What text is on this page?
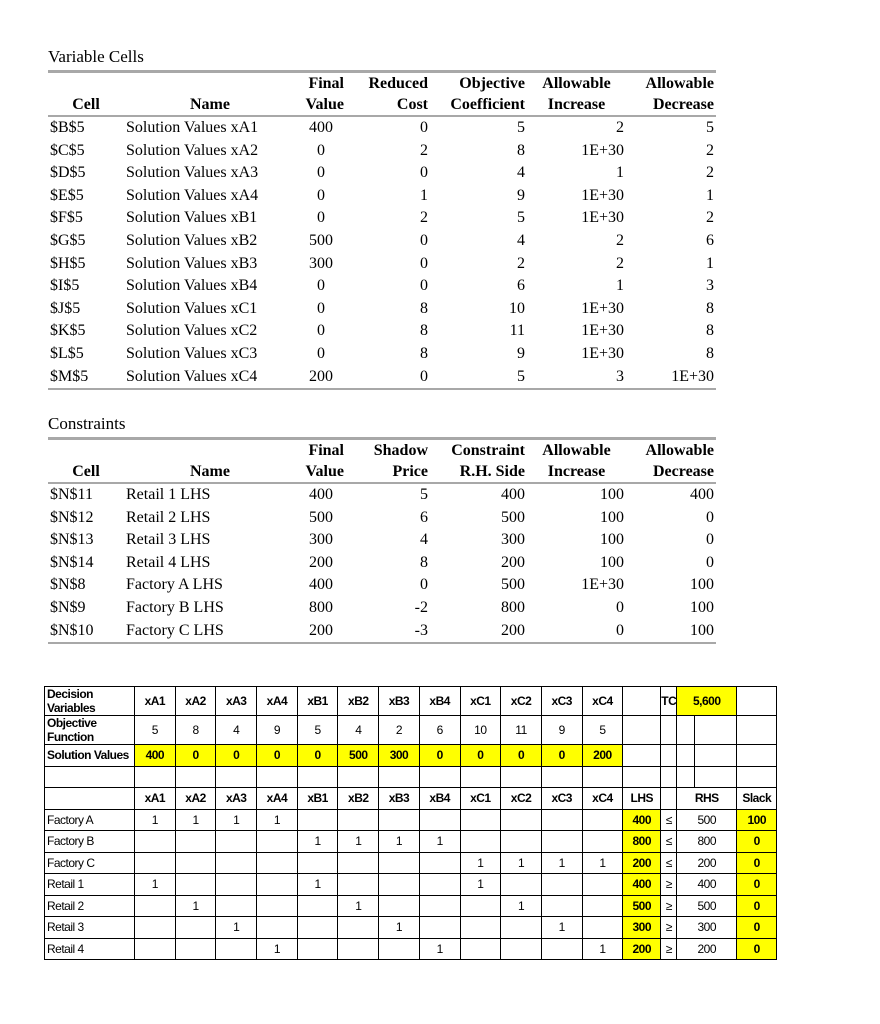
Variable Cells
		Final	Reduced	Objective	Allowable	Allowable
Cell	Name	Value	Cost	Coefficient	Increase	Decrease
$B$5	Solution Values xA1	400	0	5	2	5
$C$5	Solution Values xA2	0	2	8	1E+30	2
$D$5	Solution Values xA3	0	0	4	1	2
$E$5	Solution Values xA4	0	1	9	1E+30	1
$F$5	Solution Values xB1	0	2	5	1E+30	2
$G$5	Solution Values xB2	500	0	4	2	6
$H$5	Solution Values xB3	300	0	2	2	1
$I$5	Solution Values xB4	0	0	6	1	3
$J$5	Solution Values xC1	0	8	10	1E+30	8
$K$5	Solution Values xC2	0	8	11	1E+30	8
$L$5	Solution Values xC3	0	8	9	1E+30	8
$M$5	Solution Values xC4	200	0	5	3	1E+30
Constraints
		Final	Shadow	Constraint	Allowable	Allowable
Cell	Name	Value	Price	R.H. Side	Increase	Decrease
$N$11	Retail 1 LHS	400	5	400	100	400
$N$12	Retail 2 LHS	500	6	500	100	0
$N$13	Retail 3 LHS	300	4	300	100	0
$N$14	Retail 4 LHS	200	8	200	100	0
$N$8	Factory A LHS	400	0	500	1E+30	100
$N$9	Factory B LHS	800	-2	800	0	100
$N$10	Factory C LHS	200	-3	200	0	100
Decision Variables	xA1	xA2	xA3	xA4	xB1	xB2	xB3	xB4	xC1	xC2	xC3	xC4		TC	5,600		
Objective Function	5	8	4	9	5	4	2	6	10	11	9	5					
Solution Values	400	0	0	0	0	500	300	0	0	0	0	200					

	xA1	xA2	xA3	xA4	xB1	xB2	xB3	xB4	xC1	xC2	xC3	xC4	LHS		RHS		Slack
Factory A	1	1	1	1									400	≤	500		100
Factory B					1	1	1	1					800	≤	800		0
Factory C									1	1	1	1	200	≤	200		0
Retail 1	1				1				1				400	≥	400		0
Retail 2		1				1				1			500	≥	500		0
Retail 3			1				1				1		300	≥	300		0
Retail 4				1				1				1	200	≥	200		0
